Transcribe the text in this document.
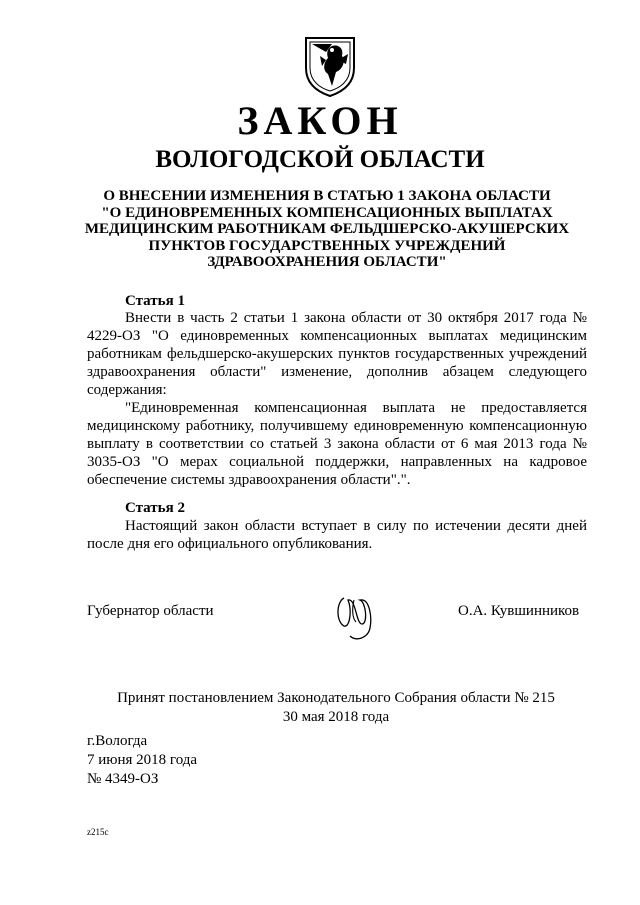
ЗАКОН
ВОЛОГОДСКОЙ ОБЛАСТИ
О ВНЕСЕНИИ ИЗМЕНЕНИЯ В СТАТЬЮ 1 ЗАКОНА ОБЛАСТИ
"О ЕДИНОВРЕМЕННЫХ КОМПЕНСАЦИОННЫХ ВЫПЛАТАХ
МЕДИЦИНСКИМ РАБОТНИКАМ ФЕЛЬДШЕРСКО-АКУШЕРСКИХ
ПУНКТОВ ГОСУДАРСТВЕННЫХ УЧРЕЖДЕНИЙ
ЗДРАВООХРАНЕНИЯ ОБЛАСТИ"
Статья 1
Внести в часть 2 статьи 1 закона области от 30 октября 2017 года № 4229-ОЗ "О единовременных компенсационных выплатах медицинским работникам фельдшерско-акушерских пунктов государственных учреждений здравоохранения области" изменение, дополнив абзацем следующего содержания:
"Единовременная компенсационная выплата не предоставляется медицинскому работнику, получившему единовременную компенсационную выплату в соответствии со статьей 3 закона области от 6 мая 2013 года № 3035-ОЗ "О мерах социальной поддержки, направленных на кадровое обеспечение системы здравоохранения области".".
Статья 2
Настоящий закон области вступает в силу по истечении десяти дней после дня его официального опубликования.
Губернатор области	О.А. Кувшинников
Принят постановлением Законодательного Собрания области № 215
30 мая 2018 года
г.Вологда
7 июня 2018 года
№ 4349-ОЗ
z215c
